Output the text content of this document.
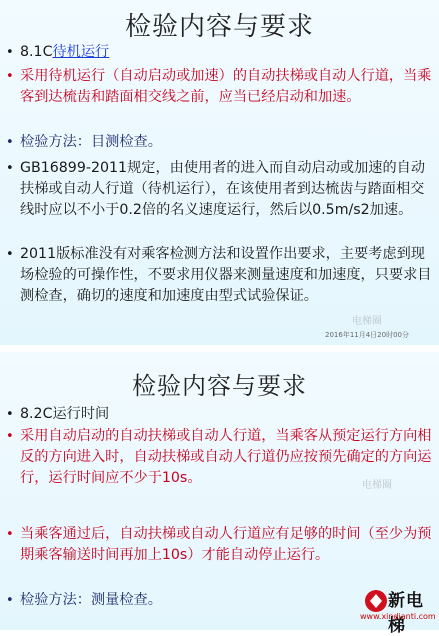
检验内容与要求
• 8.1C待机运行
• 采用待机运行（自动启动或加速）的自动扶梯或自动人行道，当乘客到达梳齿和踏面相交线之前，应当已经启动和加速。
• 检验方法：目测检查。
• GB16899-2011规定，由使用者的进入而自动启动或加速的自动扶梯或自动人行道（待机运行），在该使用者到达梳齿与踏面相交线时应以不小于0.2倍的名义速度运行，然后以0.5m/s2加速。
• 2011版标准没有对乘客检测方法和设置作出要求，主要考虑到现场检验的可操作性，不要求用仪器来测量速度和加速度，只要求目测检查，确切的速度和加速度由型式试验保证。
电梯圈
2016年11月4日20时00分
检验内容与要求
• 8.2C运行时间
• 采用自动启动的自动扶梯或自动人行道，当乘客从预定运行方向相反的方向进入时，自动扶梯或自动人行道仍应按预先确定的方向运行，运行时间应不少于10s。
• 当乘客通过后，自动扶梯或自动人行道应有足够的时间（至少为预期乘客输送时间再加上10s）才能自动停止运行。
• 检验方法：测量检查。
电梯圈
新电梯
www.xindianti.com
